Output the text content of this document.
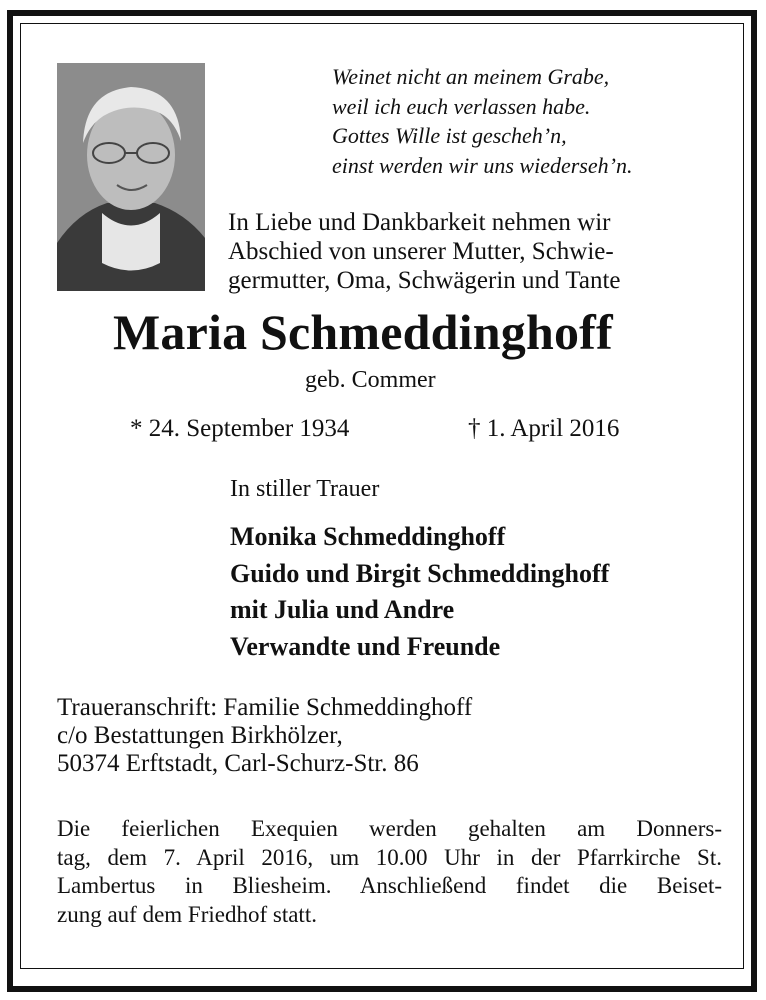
Weinet nicht an meinem Grabe,
weil ich euch verlassen habe.
Gottes Wille ist gescheh’n,
einst werden wir uns wiederseh’n.
In Liebe und Dankbarkeit nehmen wir
Abschied von unserer Mutter, Schwie-
germutter, Oma, Schwägerin und Tante
Maria Schmeddinghoff
geb. Commer
* 24. September 1934	† 1. April 2016
In stiller Trauer
Monika Schmeddinghoff
Guido und Birgit Schmeddinghoff
mit Julia und Andre
Verwandte und Freunde
Traueranschrift: Familie Schmeddinghoff
c/o Bestattungen Birkhölzer,
50374 Erftstadt, Carl-Schurz-Str. 86
Die feierlichen Exequien werden gehalten am Donners-
tag, dem 7. April 2016, um 10.00 Uhr in der Pfarrkirche St.
Lambertus in Bliesheim. Anschließend findet die Beiset-
zung auf dem Friedhof statt.
